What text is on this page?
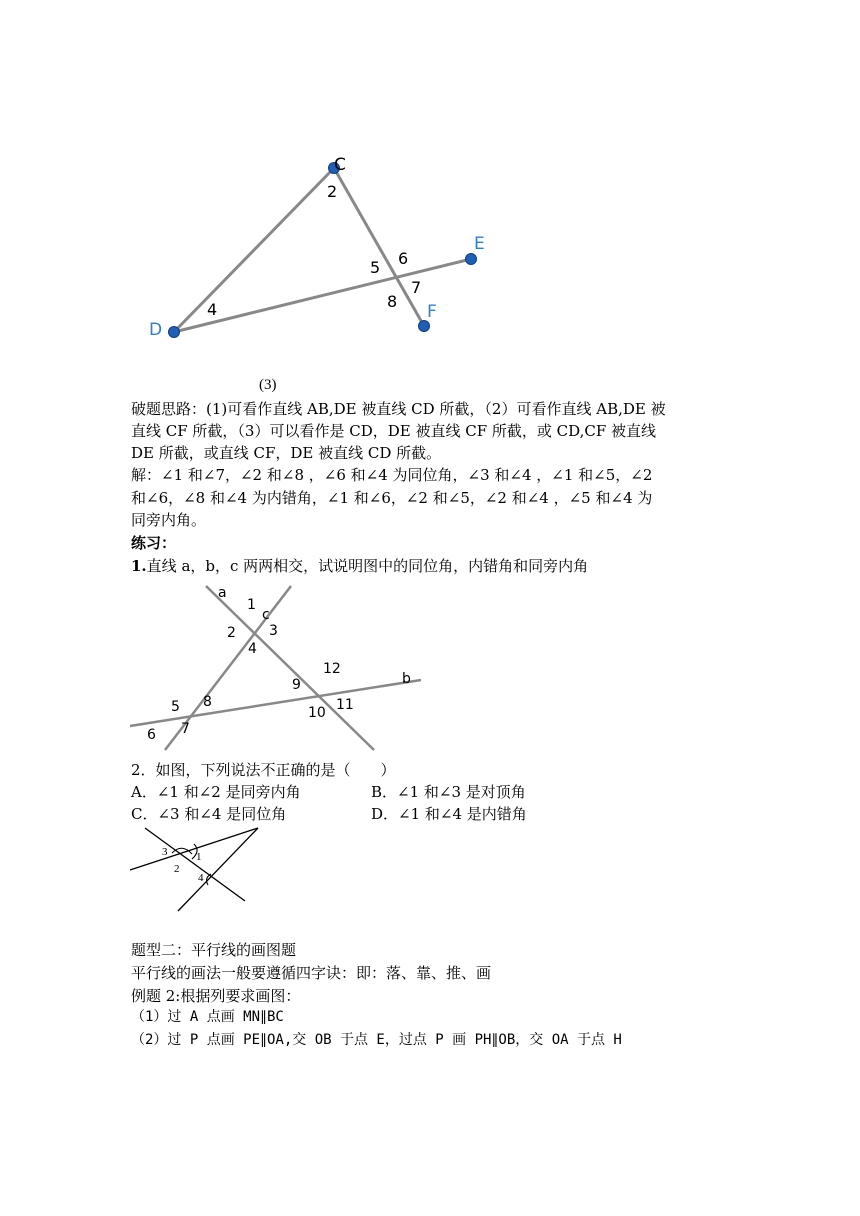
C
E
F
D
2
4
5 6
7
8
(3)
破题思路：(1)可看作直线 AB,DE 被直线 CD 所截，（2）可看作直线 AB,DE 被
直线 CF 所截，（3）可以看作是 CD，DE 被直线 CF 所截，或 CD,CF 被直线
DE 所截，或直线 CF，DE 被直线 CD 所截。
解：∠1 和∠7，∠2 和∠8 ，∠6 和∠4 为同位角，∠3 和∠4 ，∠1 和∠5，∠2
和∠6，∠8 和∠4 为内错角，∠1 和∠6，∠2 和∠5，∠2 和∠4 ，∠5 和∠4 为
同旁内角。
练习：
1.直线 a，b，c 两两相交，试说明图中的同位角，内错角和同旁内角
a
c
b
1
2 3
4
5
6 7
8
9
10 11
12
2．如图，下列说法不正确的是（　　）
A．∠1 和∠2 是同旁内角	B．∠1 和∠3 是对顶角
C．∠3 和∠4 是同位角	D．∠1 和∠4 是内错角
3	1
2
4
题型二：平行线的画图题
平行线的画法一般要遵循四字诀：即：落、靠、推、画
例题 2:根据列要求画图：
（1）过 A 点画 MN∥BC
（2）过 P 点画 PE∥OA,交 OB 于点 E，过点 P 画 PH∥OB，交 OA 于点 H
